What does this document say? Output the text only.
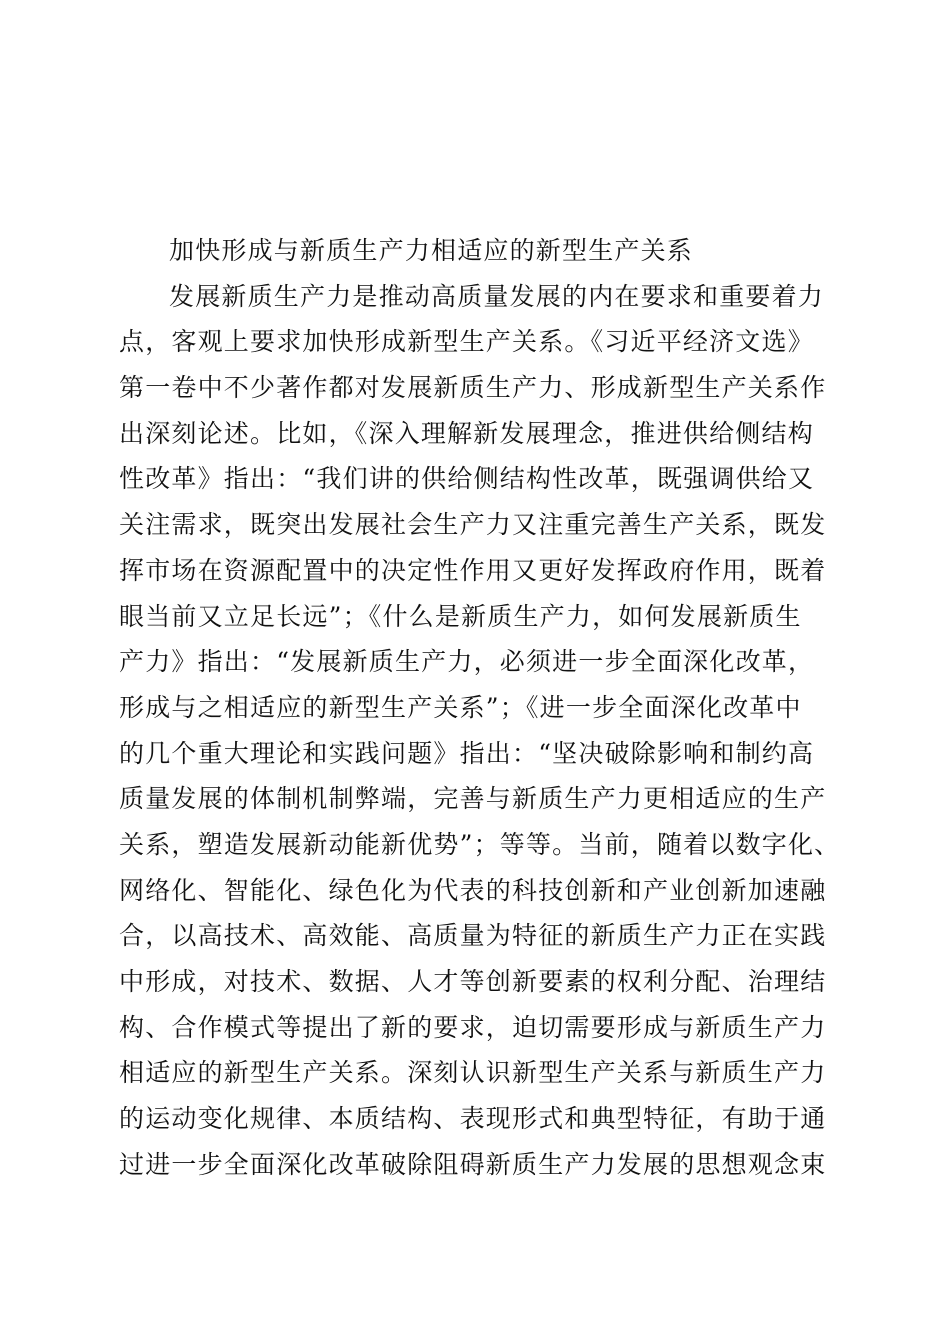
加快形成与新质生产力相适应的新型生产关系
发展新质生产力是推动高质量发展的内在要求和重要着力
点，客观上要求加快形成新型生产关系。《习近平经济文选》
第一卷中不少著作都对发展新质生产力、形成新型生产关系作
出深刻论述。比如，《深入理解新发展理念，推进供给侧结构
性改革》指出：“我们讲的供给侧结构性改革，既强调供给又
关注需求，既突出发展社会生产力又注重完善生产关系，既发
挥市场在资源配置中的决定性作用又更好发挥政府作用，既着
眼当前又立足长远”；《什么是新质生产力，如何发展新质生
产力》指出：“发展新质生产力，必须进一步全面深化改革，
形成与之相适应的新型生产关系”；《进一步全面深化改革中
的几个重大理论和实践问题》指出：“坚决破除影响和制约高
质量发展的体制机制弊端，完善与新质生产力更相适应的生产
关系，塑造发展新动能新优势”；等等。当前，随着以数字化、
网络化、智能化、绿色化为代表的科技创新和产业创新加速融
合，以高技术、高效能、高质量为特征的新质生产力正在实践
中形成，对技术、数据、人才等创新要素的权利分配、治理结
构、合作模式等提出了新的要求，迫切需要形成与新质生产力
相适应的新型生产关系。深刻认识新型生产关系与新质生产力
的运动变化规律、本质结构、表现形式和典型特征，有助于通
过进一步全面深化改革破除阻碍新质生产力发展的思想观念束
